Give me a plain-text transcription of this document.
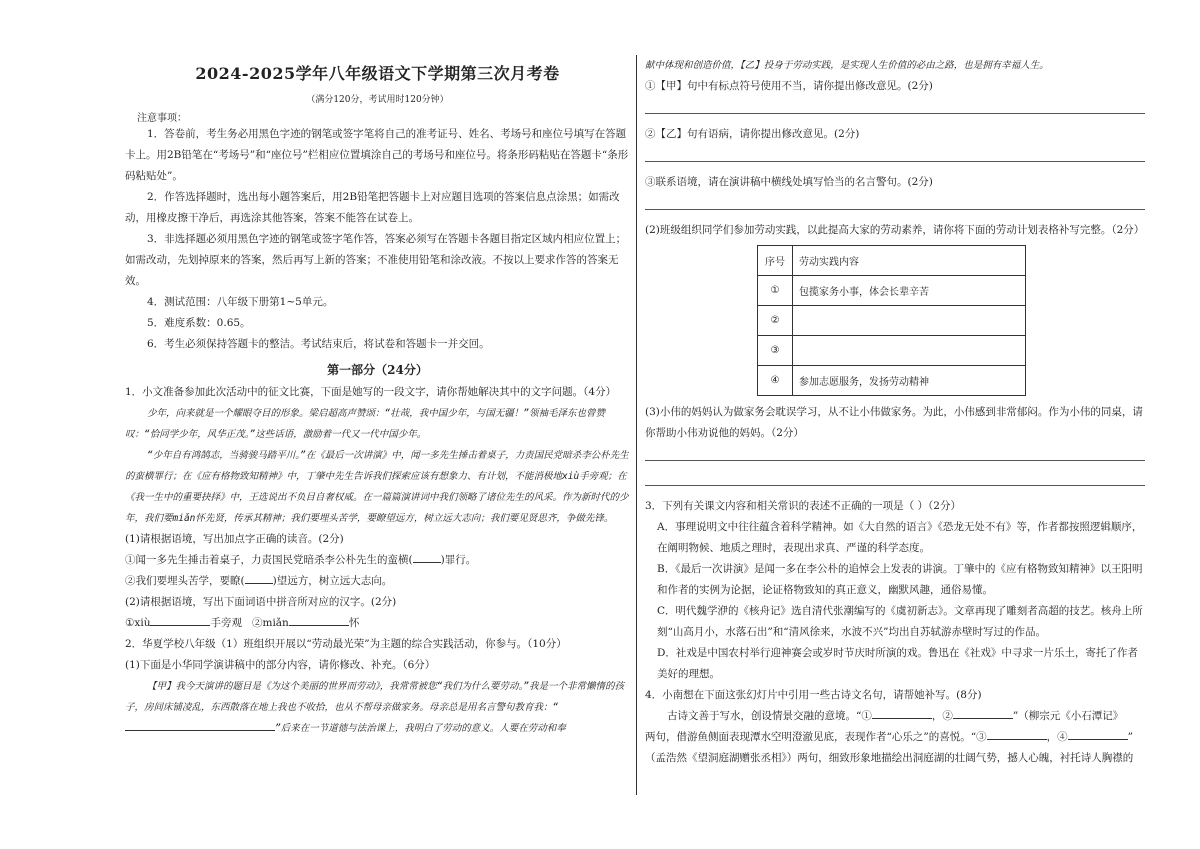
2024-2025学年八年级语文下学期第三次月考卷
（满分120分，考试用时120分钟）
注意事项：

1．答卷前，考生务必用黑色字迹的钢笔或签字笔将自己的准考证号、姓名、考场号和座位号填写在答题卡上。用2B铅笔在“考场号”和“座位号”栏相应位置填涂自己的考场号和座位号。将条形码粘贴在答题卡“条形码粘贴处”。

2．作答选择题时，选出每小题答案后，用2B铅笔把答题卡上对应题目选项的答案信息点涂黑；如需改动，用橡皮擦干净后，再选涂其他答案，答案不能答在试卷上。

3．非选择题必须用黑色字迹的钢笔或签字笔作答，答案必须写在答题卡各题目指定区域内相应位置上；如需改动，先划掉原来的答案，然后再写上新的答案；不准使用铅笔和涂改液。不按以上要求作答的答案无效。

4．测试范围：八年级下册第1~5单元。

5．难度系数：0.65。

6．考生必须保持答题卡的整洁。考试结束后，将试卷和答题卡一并交回。

第一部分（24分）

1．小文准备参加此次活动中的征文比赛，下面是她写的一段文字，请你帮她解决其中的文字问题。（4分）

少年，向来就是一个耀眼夺目的形象。梁启超高声赞颂：“壮哉，我中国少年，与国无疆！”领袖毛泽东也曾赞叹：“恰同学少年，风华正茂。”这些话语，激励着一代又一代中国少年。

“少年自有鸿鹄志，当骑骏马踏平川。”在《最后一次讲演》中，闻一多先生捶击着桌子，力责国民党暗杀李公朴先生的蛮横罪行；在《应有格物致知精神》中，丁肇中先生告诉我们探索应该有想象力、有计划，不能消极地xiù手旁观；在《我一生中的重要抉择》中，王选说出不负目自奢权威。在一篇篇演讲词中我们领略了诸位先生的风采。作为新时代的少年，我们要miǎn怀先贤，传承其精神；我们要埋头苦学，要瞭望远方，树立远大志向；我们要见贤思齐，争做先锋。

(1)请根据语境，写出加点字正确的读音。(2分)

①闻一多先生捶击着桌子，力责国民党暗杀李公朴先生的蛮横(	)罪行。

②我们要埋头苦学，要瞭(	)望远方，树立远大志向。

(2)请根据语境，写出下面词语中拼音所对应的汉字。(2分)

①xiù	手旁观 ②miǎn	怀

2．华夏学校八年级（1）班组织开展以“劳动最光荣”为主题的综合实践活动，你参与。（10分）

(1)下面是小华同学演讲稿中的部分内容，请你修改、补充。（6分）

【甲】我今天演讲的题目是《为这个美丽的世界而劳动》，我常常被您“我们为什么要劳动。”我是一个非常懒惰的孩子，房间床铺凌乱，东西散落在地上我也不收拾，也从不帮母亲做家务。母亲总是用名言警句教育我：“”后来在一节道德与法治课上，我明白了劳动的意义。人要在劳动和奉

献中体现和创造价值，【乙】投身于劳动实践，是实现人生价值的必由之路，也是拥有幸福人生。

①【甲】句中有标点符号使用不当，请你提出修改意见。(2分)

②【乙】句有语病，请你提出修改意见。(2分)

③联系语境，请在演讲稿中横线处填写恰当的名言警句。(2分)

(2)班级组织同学们参加劳动实践，以此提高大家的劳动素养，请你将下面的劳动计划表格补写完整。（2分）

序号	劳动实践内容
①	包揽家务小事，体会长辈辛苦
②	
③	
④	参加志愿服务，发扬劳动精神

(3)小伟的妈妈认为做家务会耽误学习，从不让小伟做家务。为此，小伟感到非常郁闷。作为小伟的同桌，请你帮助小伟劝说他的妈妈。（2分）

3．下列有关课文内容和相关常识的表述不正确的一项是（ ）（2分）

A．事理说明文中往往蕴含着科学精神。如《大自然的语言》《恐龙无处不有》等，作者都按照逻辑顺序，在阐明物候、地质之理时，表现出求真、严谨的科学态度。

B．《最后一次讲演》是闻一多在李公朴的追悼会上发表的讲演。丁肇中的《应有格物致知精神》以王阳明和作者的实例为论据，论证格物致知的真正意义，幽默风趣，通俗易懂。

C．明代魏学洢的《核舟记》选自清代张潮编写的《虞初新志》。文章再现了雕刻者高超的技艺。核舟上所刻“山高月小，水落石出”和“清风徐来，水波不兴”均出自苏轼游赤壁时写过的作品。

D．社戏是中国农村举行迎神赛会或岁时节庆时所演的戏。鲁迅在《社戏》中寻求一片乐土，寄托了作者美好的理想。

4．小南想在下面这张幻灯片中引用一些古诗文名句，请帮她补写。(8分)

古诗文善于写水，创设情景交融的意境。“①	，②	”（柳宗元《小石潭记》

两句，借游鱼侧面表现潭水空明澄澈见底，表现作者“心乐之”的喜悦。“③	，④	”

（孟浩然《望洞庭湖赠张丞相》）两句，细致形象地描绘出洞庭湖的壮阔气势，撼人心魄，衬托诗人胸襟的
